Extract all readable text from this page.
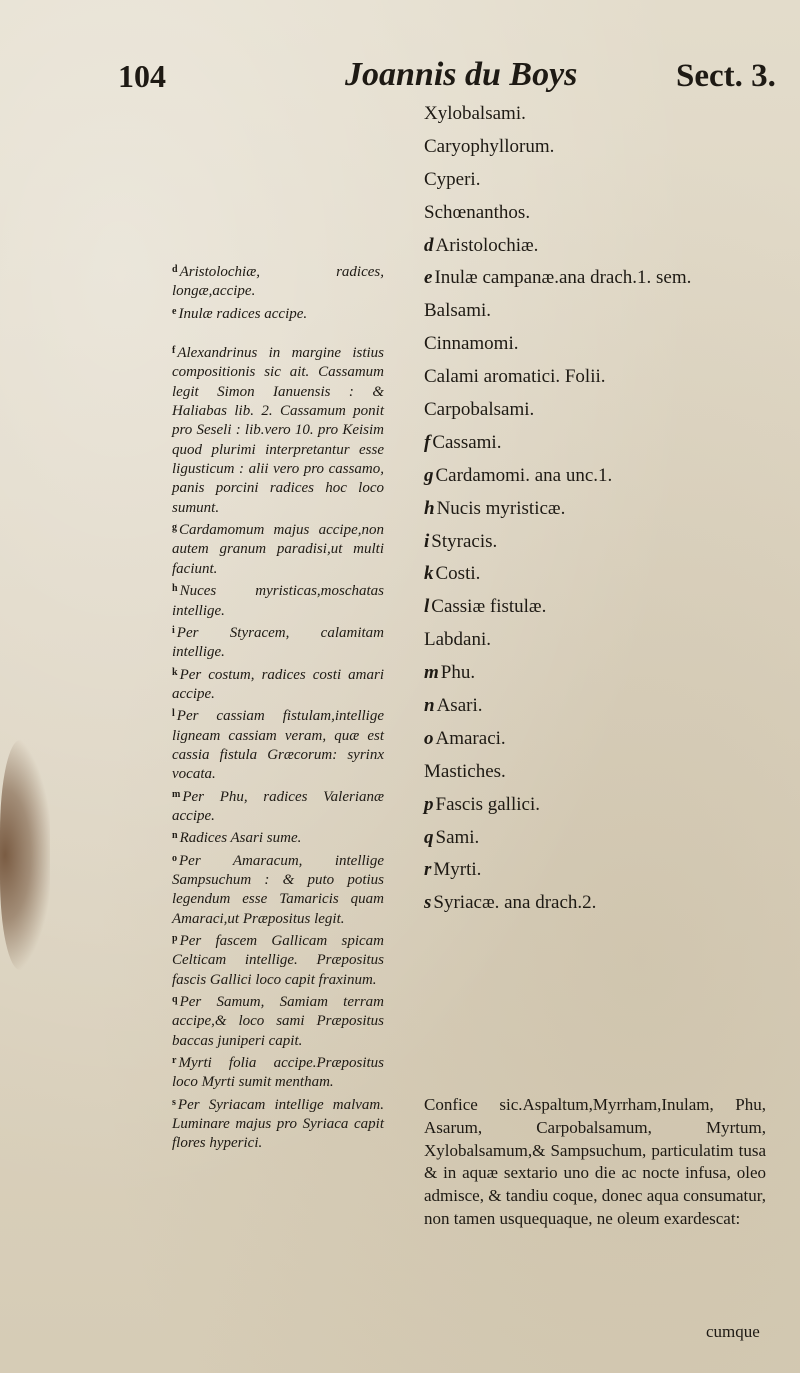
104	Joannis du Boys	Sect. 3.

$^d$ Aristolochiæ, radices, longæ,accipe.

$^e$ Inulæ radices accipe.

$^f$ Alexandrinus in margine istius compositionis sic ait. Cassamum legit Simon Ianuensis : & Haliabas lib. 2. Cassamum ponit pro Seseli : lib.vero 10. pro Keisim quod plurimi interpretantur esse ligusticum : alii vero pro cassamo, panis porcini radices hoc loco sumunt.

$^g$ Cardamomum majus accipe,non autem granum paradisi,ut multi faciunt.

$^h$ Nuces myristicas,moschatas intellige.

$^i$ Per Styracem, calamitam intellige.

$^k$ Per costum, radices costi amari accipe.

$^l$ Per cassiam fistulam,intellige ligneam cassiam veram, quæ est cassia fistula Græcorum: syrinx vocata.

$^m$ Per Phu, radices Valerianæ accipe.

$^n$ Radices Asari sume.

$^o$ Per Amaracum, intellige Sampsuchum : & puto potius legendum esse Tamaricis quam Amaraci,ut Præpositus legit.

$^p$ Per fascem Gallicam spicam Celticam intellige. Præpositus fascis Gallici loco capit fraxinum.

$^q$ Per Samum, Samiam terram accipe,& loco sami Præpositus baccas juniperi capit.

$^r$ Myrti folia accipe.Præpositus loco Myrti sumit mentham.

$^s$ Per Syriacam intellige malvam. Luminare majus pro Syriaca capit flores hyperici.

Xylobalsami.
Caryophyllorum.
Cyperi.
Schœnanthos.
d Aristolochiæ.
e Inulæ campanæ.ana drach.1. sem.
Balsami.
Cinnamomi.
Calami aromatici. Folii.
Carpobalsami.
f Cassami.
g Cardamomi. ana unc.1.
h Nucis myristicæ.
i Styracis.
k Costi.
l Cassiæ fistulæ.
Labdani.
m Phu.
n Asari.
o Amaraci.
Mastiches.
p Fascis gallici.
q Sami.
r Myrti.
s Syriacæ. ana drach.2.

Confice sic.Aspaltum,Myrrham,Inulam, Phu, Asarum, Carpobalsamum, Myrtum, Xylobalsamum,& Sampsuchum, particulatim tusa & in aquæ sextario uno die ac nocte infusa, oleo admisce, & tandiu coque, donec aqua consumatur, non tamen usquequaque, ne oleum exardescat:

cumque
